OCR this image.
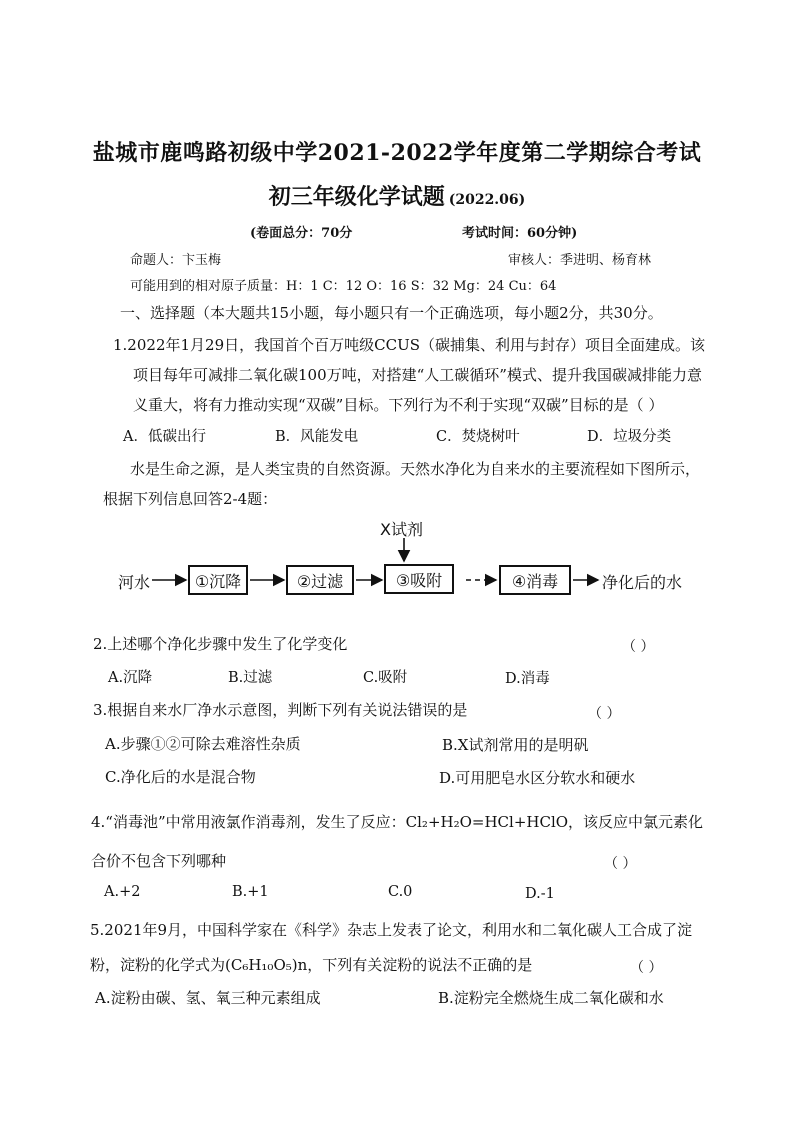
盐城市鹿鸣路初级中学2021-2022学年度第二学期综合考试
初三年级化学试题 (2022.06)
(卷面总分：70分	考试时间：60分钟)
命题人：卞玉梅	审核人：季进明、杨育林
可能用到的相对原子质量：H：1 C：12 O：16 S：32 Mg：24 Cu：64
一、选择题（本大题共15小题，每小题只有一个正确选项，每小题2分，共30分。
1.2022年1月29日，我国首个百万吨级CCUS（碳捕集、利用与封存）项目全面建成。该
项目每年可减排二氧化碳100万吨，对搭建“人工碳循环”模式、提升我国碳减排能力意
义重大，将有力推动实现“双碳”目标。下列行为不利于实现“双碳”目标的是（ ）
A．低碳出行	B．风能发电	C．焚烧树叶	D．垃圾分类
水是生命之源，是人类宝贵的自然资源。天然水净化为自来水的主要流程如下图所示，
根据下列信息回答2-4题：
X试剂
河水	①沉降	②过滤	③吸附	④消毒	净化后的水
2.上述哪个净化步骤中发生了化学变化	（ ）
A.沉降	B.过滤	C.吸附	D.消毒
3.根据自来水厂净水示意图，判断下列有关说法错误的是	（ ）
A.步骤①②可除去难溶性杂质	B.X试剂常用的是明矾
C.净化后的水是混合物	D.可用肥皂水区分软水和硬水
4.“消毒池”中常用液氯作消毒剂，发生了反应：Cl₂+H₂O=HCl+HClO，该反应中氯元素化
合价不包含下列哪种	（ ）
A.+2	B.+1	C.0	D.-1
5.2021年9月，中国科学家在《科学》杂志上发表了论文，利用水和二氧化碳人工合成了淀
粉，淀粉的化学式为(C₆H₁₀O₅)n，下列有关淀粉的说法不正确的是	（ ）
A.淀粉由碳、氢、氧三种元素组成	B.淀粉完全燃烧生成二氧化碳和水
